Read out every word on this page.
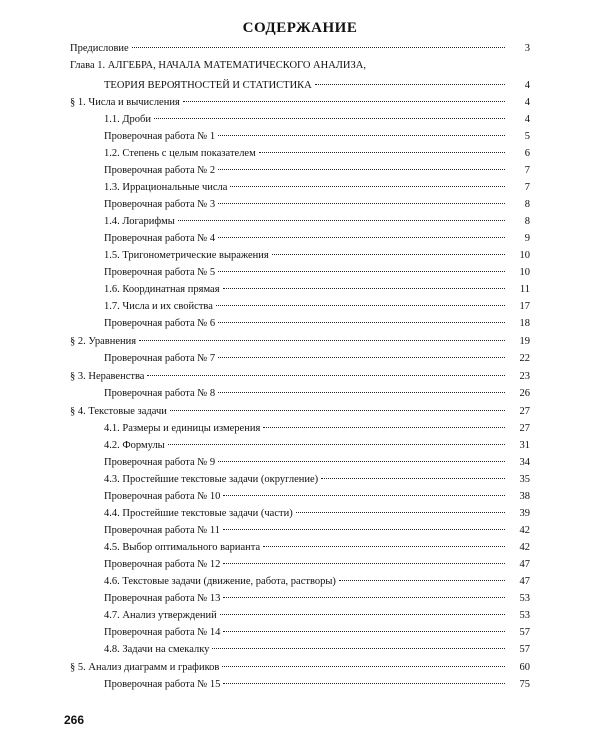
СОДЕРЖАНИЕ
Предисловие	3
Глава 1. АЛГЕБРА, НАЧАЛА МАТЕМАТИЧЕСКОГО АНАЛИЗА,
ТЕОРИЯ ВЕРОЯТНОСТЕЙ И СТАТИСТИКА	4
§ 1. Числа и вычисления	4
1.1. Дроби	4
Проверочная работа № 1	5
1.2. Степень с целым показателем	6
Проверочная работа № 2	7
1.3. Иррациональные числа	7
Проверочная работа № 3	8
1.4. Логарифмы	8
Проверочная работа № 4	9
1.5. Тригонометрические выражения	10
Проверочная работа № 5	10
1.6. Координатная прямая	11
1.7. Числа и их свойства	17
Проверочная работа № 6	18
§ 2. Уравнения	19
Проверочная работа № 7	22
§ 3. Неравенства	23
Проверочная работа № 8	26
§ 4. Текстовые задачи	27
4.1. Размеры и единицы измерения	27
4.2. Формулы	31
Проверочная работа № 9	34
4.3. Простейшие текстовые задачи (округление)	35
Проверочная работа № 10	38
4.4. Простейшие текстовые задачи (части)	39
Проверочная работа № 11	42
4.5. Выбор оптимального варианта	42
Проверочная работа № 12	47
4.6. Текстовые задачи (движение, работа, растворы)	47
Проверочная работа № 13	53
4.7. Анализ утверждений	53
Проверочная работа № 14	57
4.8. Задачи на смекалку	57
§ 5. Анализ диаграмм и графиков	60
Проверочная работа № 15	75
266
